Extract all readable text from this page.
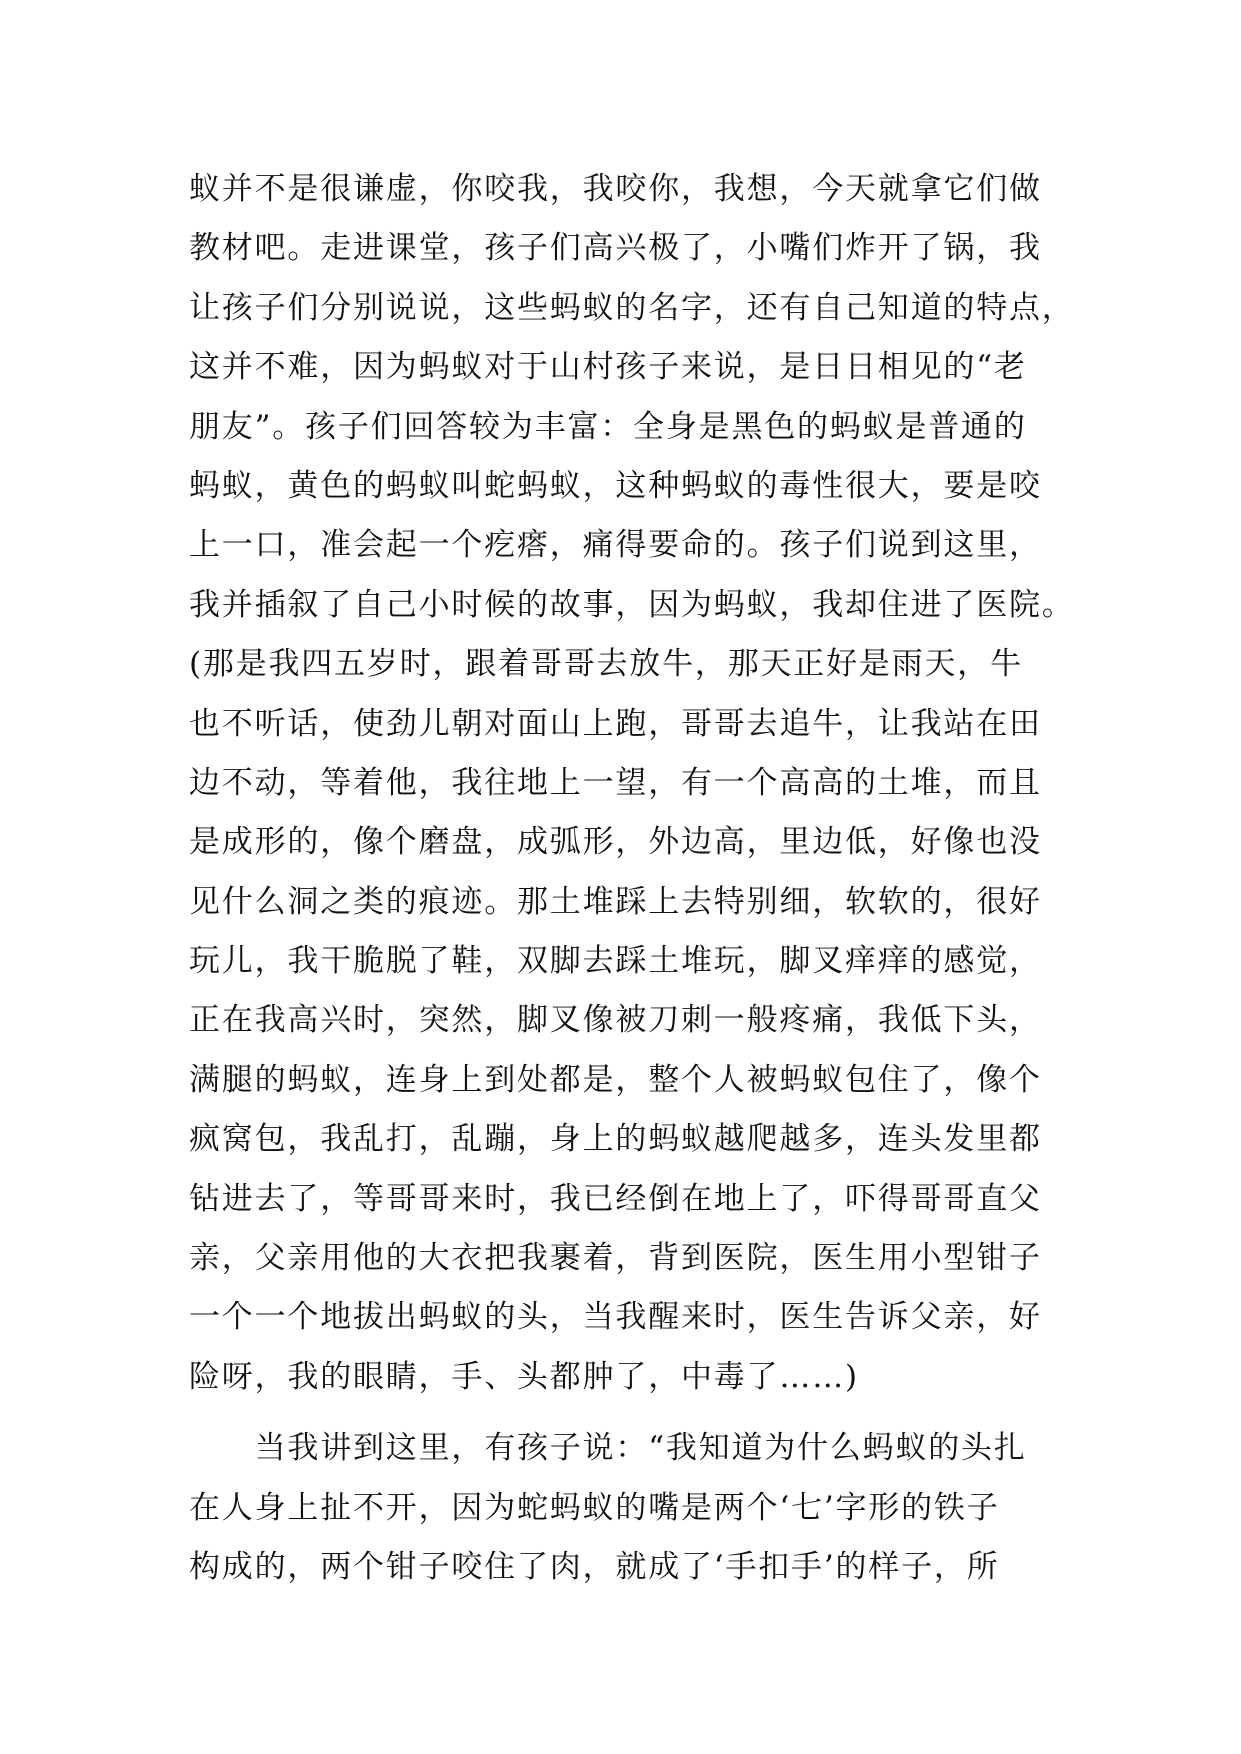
蚁并不是很谦虚，你咬我，我咬你，我想，今天就拿它们做
教材吧。走进课堂，孩子们高兴极了，小嘴们炸开了锅，我
让孩子们分别说说，这些蚂蚁的名字，还有自己知道的特点，
这并不难，因为蚂蚁对于山村孩子来说，是日日相见的“老
朋友”。孩子们回答较为丰富：全身是黑色的蚂蚁是普通的
蚂蚁，黄色的蚂蚁叫蛇蚂蚁，这种蚂蚁的毒性很大，要是咬
上一口，准会起一个疙瘩，痛得要命的。孩子们说到这里，
我并插叙了自己小时候的故事，因为蚂蚁，我却住进了医院。
(那是我四五岁时，跟着哥哥去放牛，那天正好是雨天，牛
也不听话，使劲儿朝对面山上跑，哥哥去追牛，让我站在田
边不动，等着他，我往地上一望，有一个高高的土堆，而且
是成形的，像个磨盘，成弧形，外边高，里边低，好像也没
见什么洞之类的痕迹。那土堆踩上去特别细，软软的，很好
玩儿，我干脆脱了鞋，双脚去踩土堆玩，脚叉痒痒的感觉，
正在我高兴时，突然，脚叉像被刀刺一般疼痛，我低下头，
满腿的蚂蚁，连身上到处都是，整个人被蚂蚁包住了，像个
疯窝包，我乱打，乱蹦，身上的蚂蚁越爬越多，连头发里都
钻进去了，等哥哥来时，我已经倒在地上了，吓得哥哥直父
亲，父亲用他的大衣把我裹着，背到医院，医生用小型钳子
一个一个地拔出蚂蚁的头，当我醒来时，医生告诉父亲，好
险呀，我的眼睛，手、头都肿了，中毒了……)
　　当我讲到这里，有孩子说：“我知道为什么蚂蚁的头扎
在人身上扯不开，因为蛇蚂蚁的嘴是两个‘七’字形的铁子
构成的，两个钳子咬住了肉，就成了‘手扣手’的样子，所
